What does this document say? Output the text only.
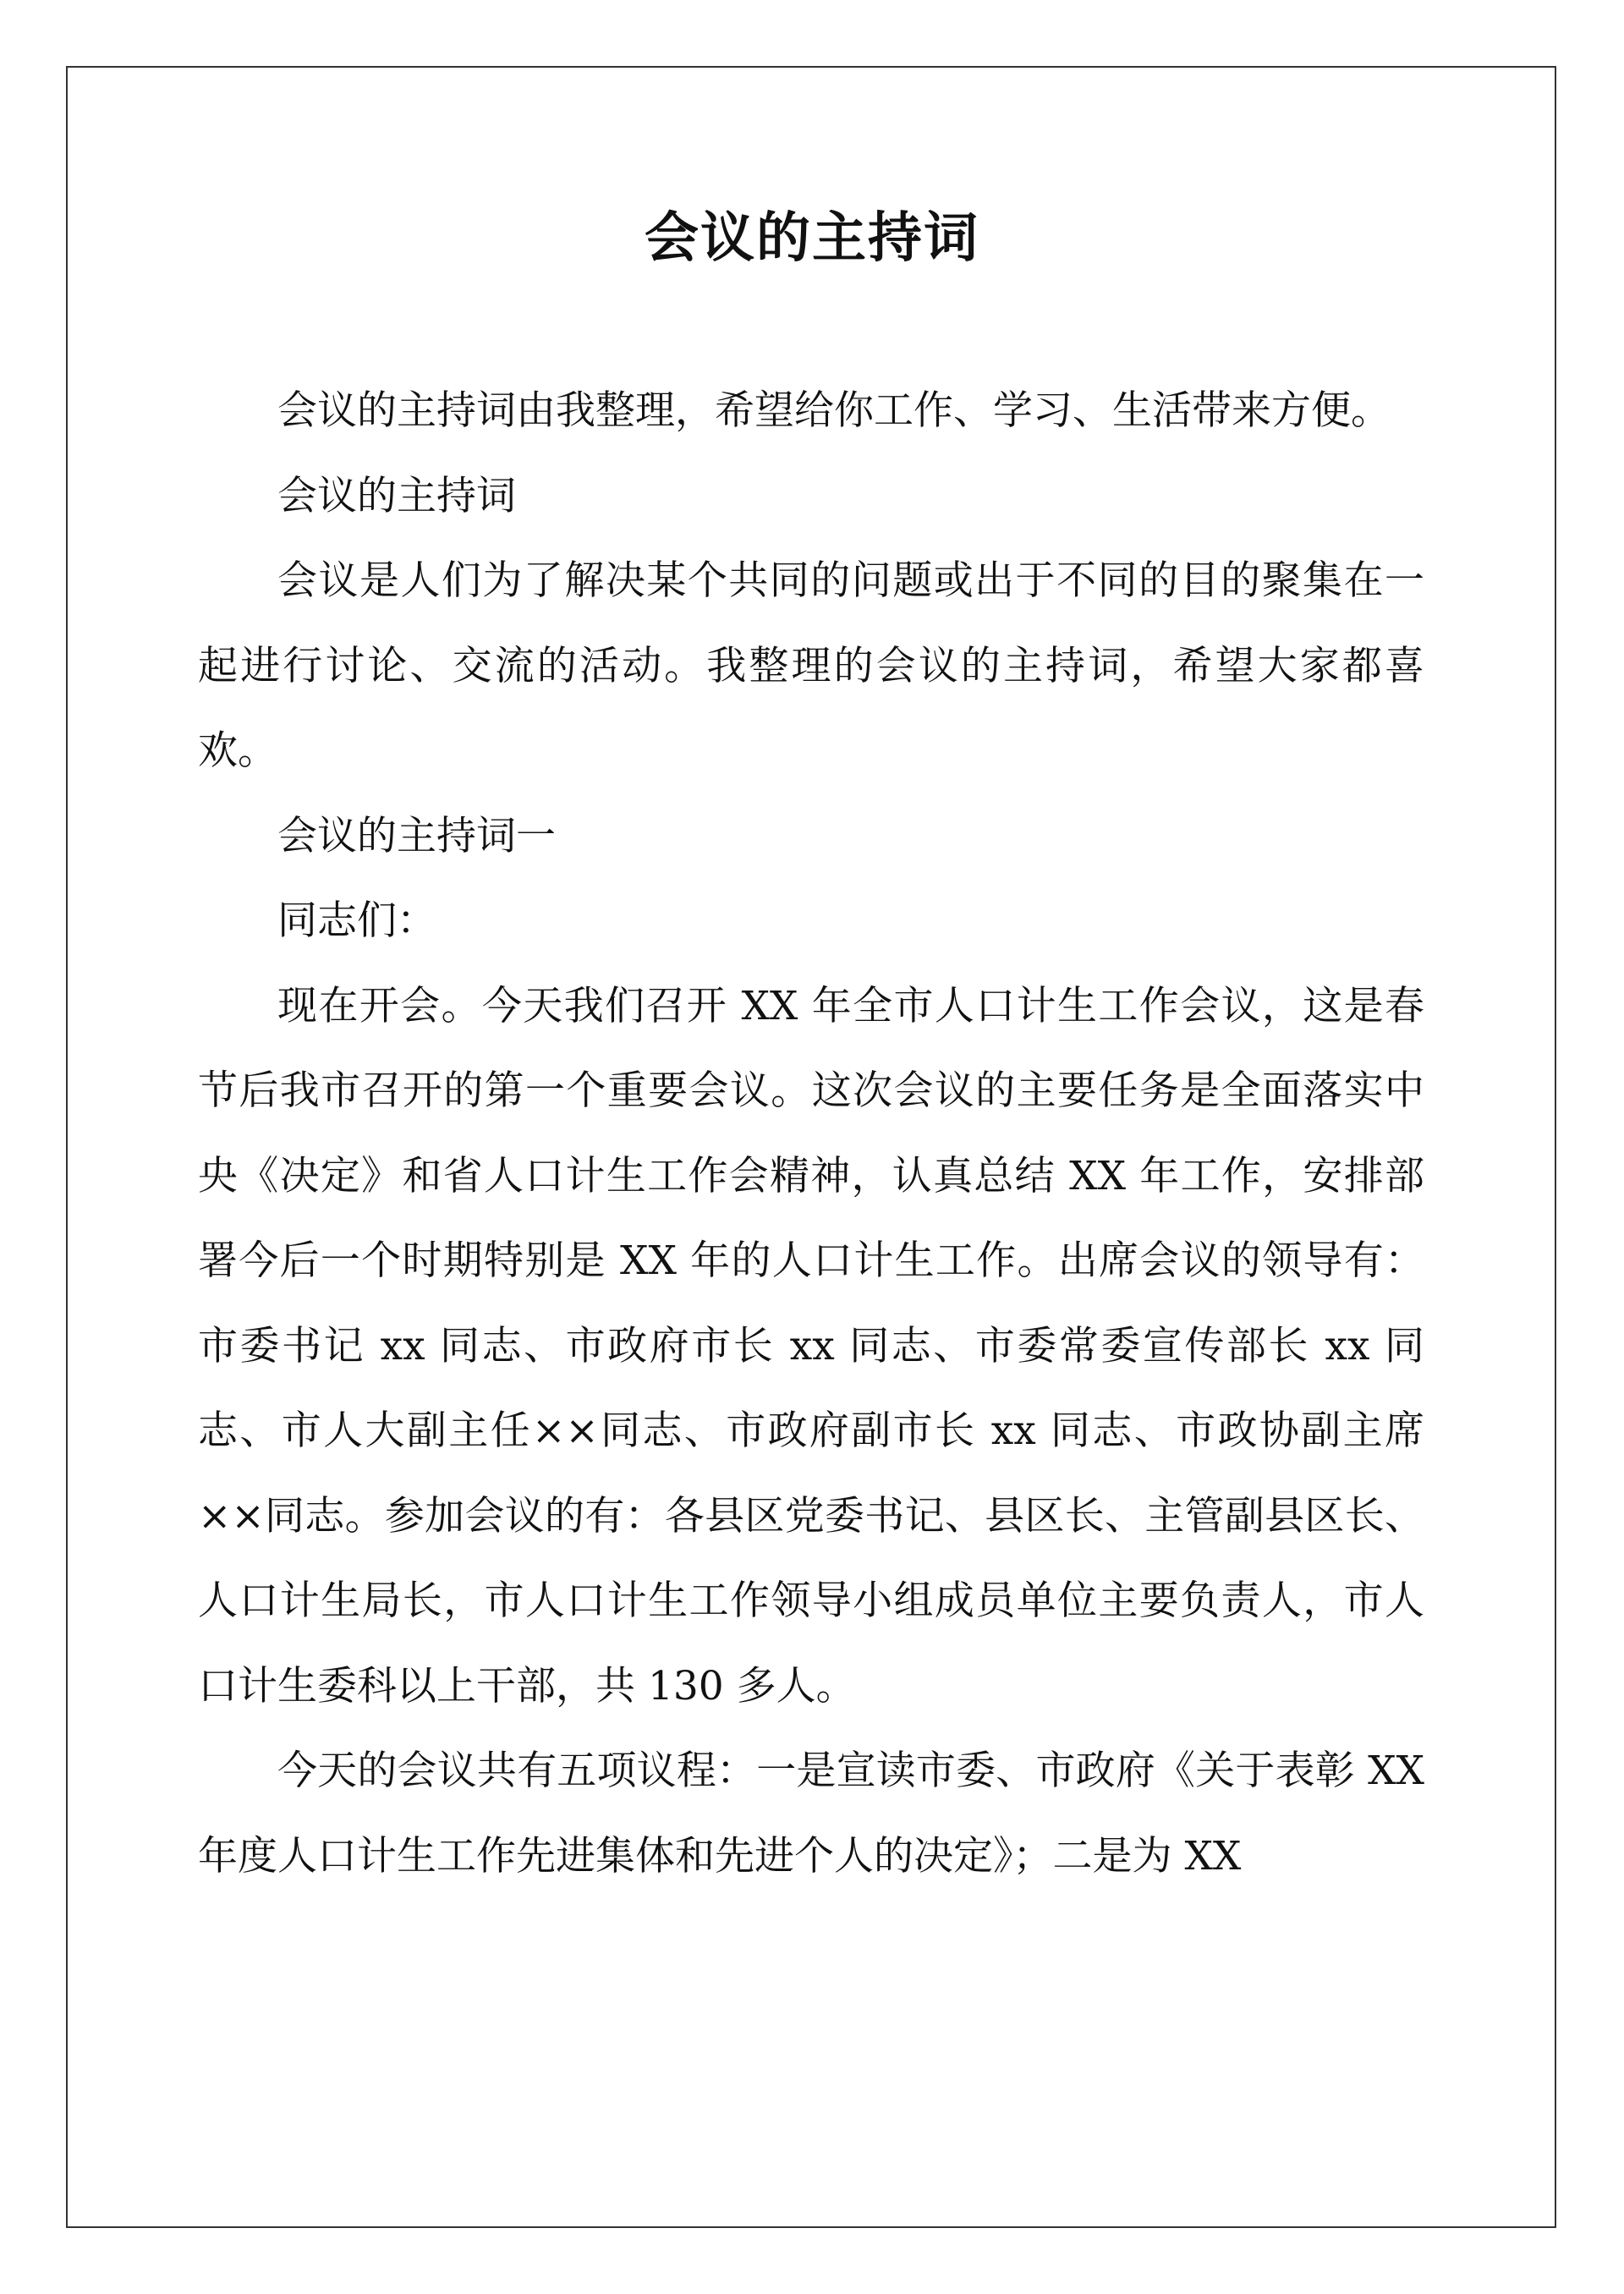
会议的主持词

会议的主持词由我整理，希望给你工作、学习、生活带来方便。

会议的主持词

会议是人们为了解决某个共同的问题或出于不同的目的聚集在一起进行讨论、交流的活动。我整理的会议的主持词，希望大家都喜欢。

会议的主持词一

同志们：

现在开会。今天我们召开 XX 年全市人口计生工作会议，这是春节后我市召开的第一个重要会议。这次会议的主要任务是全面落实中央《决定》和省人口计生工作会精神，认真总结 XX 年工作，安排部署今后一个时期特别是 XX 年的人口计生工作。出席会议的领导有：市委书记 xx 同志、市政府市长 xx 同志、市委常委宣传部长 xx 同志、市人大副主任××同志、市政府副市长 xx 同志、市政协副主席××同志。参加会议的有：各县区党委书记、县区长、主管副县区长、人口计生局长，市人口计生工作领导小组成员单位主要负责人，市人口计生委科以上干部，共 130 多人。

今天的会议共有五项议程：一是宣读市委、市政府《关于表彰 XX 年度人口计生工作先进集体和先进个人的决定》；二是为 XX
